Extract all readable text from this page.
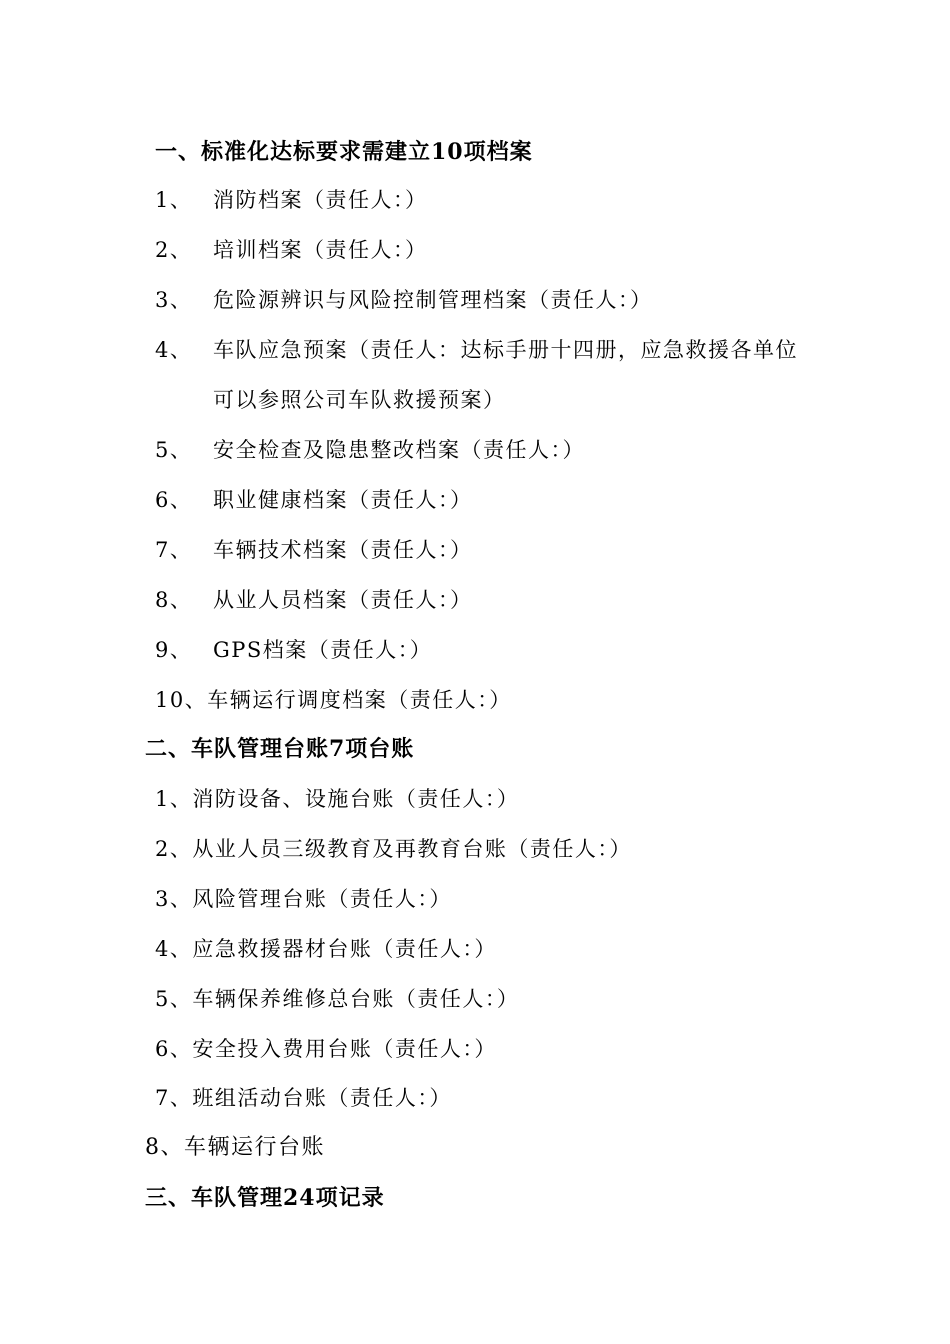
一、标准化达标要求需建立10项档案
1、 消防档案（责任人：）
2、 培训档案（责任人：）
3、 危险源辨识与风险控制管理档案（责任人：）
4、 车队应急预案（责任人：达标手册十四册，应急救援各单位
可以参照公司车队救援预案）
5、 安全检查及隐患整改档案（责任人：）
6、 职业健康档案（责任人：）
7、 车辆技术档案（责任人：）
8、 从业人员档案（责任人：）
9、 GPS档案（责任人：）
10、车辆运行调度档案（责任人：）
二、车队管理台账7项台账
1、消防设备、设施台账（责任人：）
2、从业人员三级教育及再教育台账（责任人：）
3、风险管理台账（责任人：）
4、应急救援器材台账（责任人：）
5、车辆保养维修总台账（责任人：）
6、安全投入费用台账（责任人：）
7、班组活动台账（责任人：）
8、车辆运行台账
三、车队管理24项记录
